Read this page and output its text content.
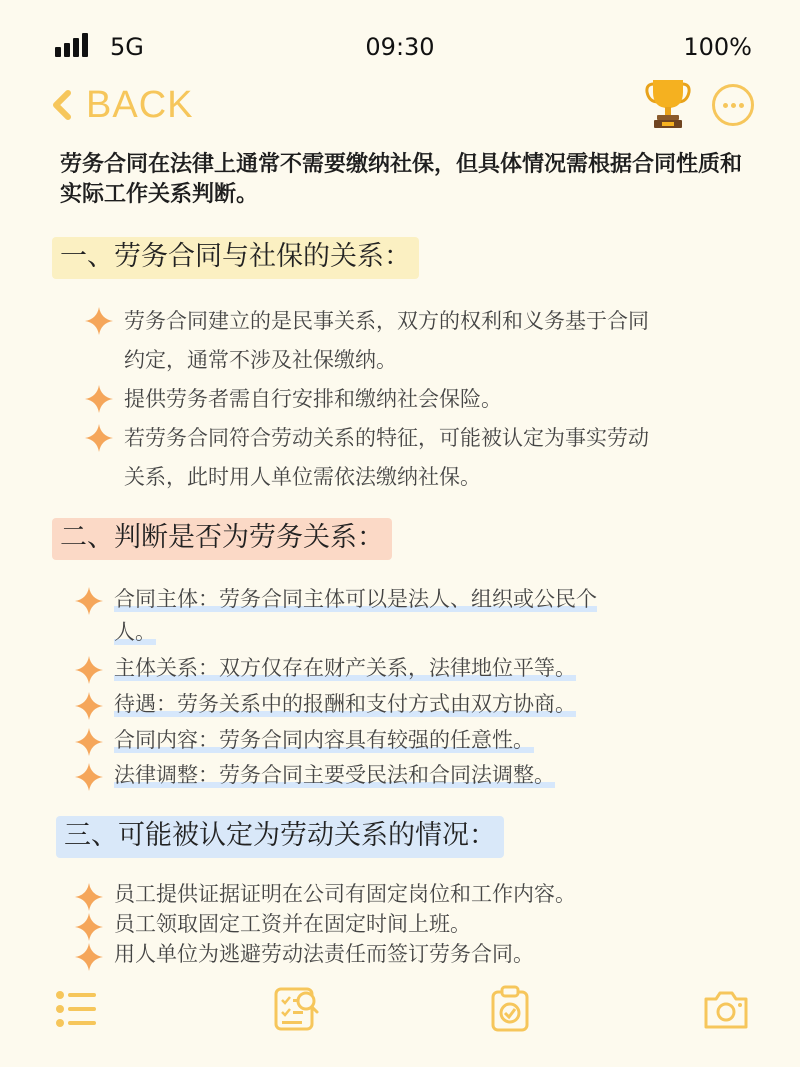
5G	09:30	100%
BACK
劳务合同在法律上通常不需要缴纳社保，但具体情况需根据合同性质和实际工作关系判断。
一、劳务合同与社保的关系：
劳务合同建立的是民事关系，双方的权利和义务基于合同
约定，通常不涉及社保缴纳。
提供劳务者需自行安排和缴纳社会保险。
若劳务合同符合劳动关系的特征，可能被认定为事实劳动
关系，此时用人单位需依法缴纳社保。
二、判断是否为劳务关系：
合同主体：劳务合同主体可以是法人、组织或公民个
人。
主体关系：双方仅存在财产关系，法律地位平等。
待遇：劳务关系中的报酬和支付方式由双方协商。
合同内容：劳务合同内容具有较强的任意性。
法律调整：劳务合同主要受民法和合同法调整。
三、可能被认定为劳动关系的情况：
员工提供证据证明在公司有固定岗位和工作内容。
员工领取固定工资并在固定时间上班。
用人单位为逃避劳动法责任而签订劳务合同。
